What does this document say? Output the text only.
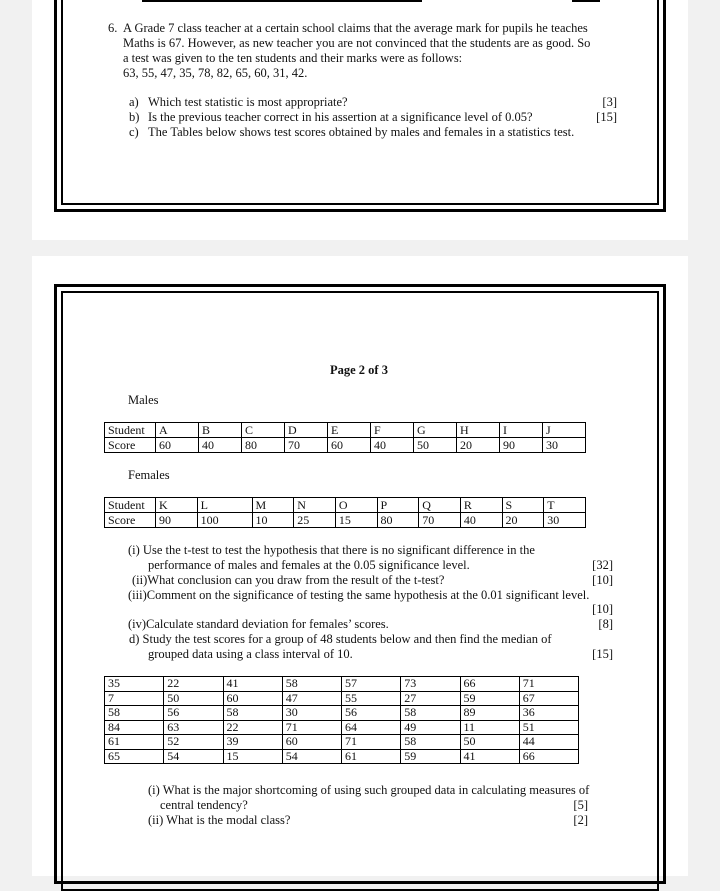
6. A Grade 7 class teacher at a certain school claims that the average mark for pupils he teaches
Maths is 67. However, as new teacher you are not convinced that the students are as good. So
a test was given to the ten students and their marks were as follows:
63, 55, 47, 35, 78, 82, 65, 60, 31, 42.
a) Which test statistic is most appropriate?	[3]
b) Is the previous teacher correct in his assertion at a significance level of 0.05?	[15]
c) The Tables below shows test scores obtained by males and females in a statistics test.
Page 2 of 3
Males
Student	A	B	C	D	E	F	G	H	I	J
Score	60	40	80	70	60	40	50	20	90	30
Females
Student	K	L	M	N	O	P	Q	R	S	T
Score	90	100	10	25	15	80	70	40	20	30
(i) Use the t-test to test the hypothesis that there is no significant difference in the
performance of males and females at the 0.05 significance level.	[32]
(ii)What conclusion can you draw from the result of the t-test?	[10]
(iii)Comment on the significance of testing the same hypothesis at the 0.01 significant level.
[10]
(iv)Calculate standard deviation for females’ scores.	[8]
d) Study the test scores for a group of 48 students below and then find the median of
grouped data using a class interval of 10.	[15]
35	22	41	58	57	73	66	71
7	50	60	47	55	27	59	67
58	56	58	30	56	58	89	36
84	63	22	71	64	49	11	51
61	52	39	60	71	58	50	44
65	54	15	54	61	59	41	66
(i) What is the major shortcoming of using such grouped data in calculating measures of
central tendency?	[5]
(ii) What is the modal class?	[2]
